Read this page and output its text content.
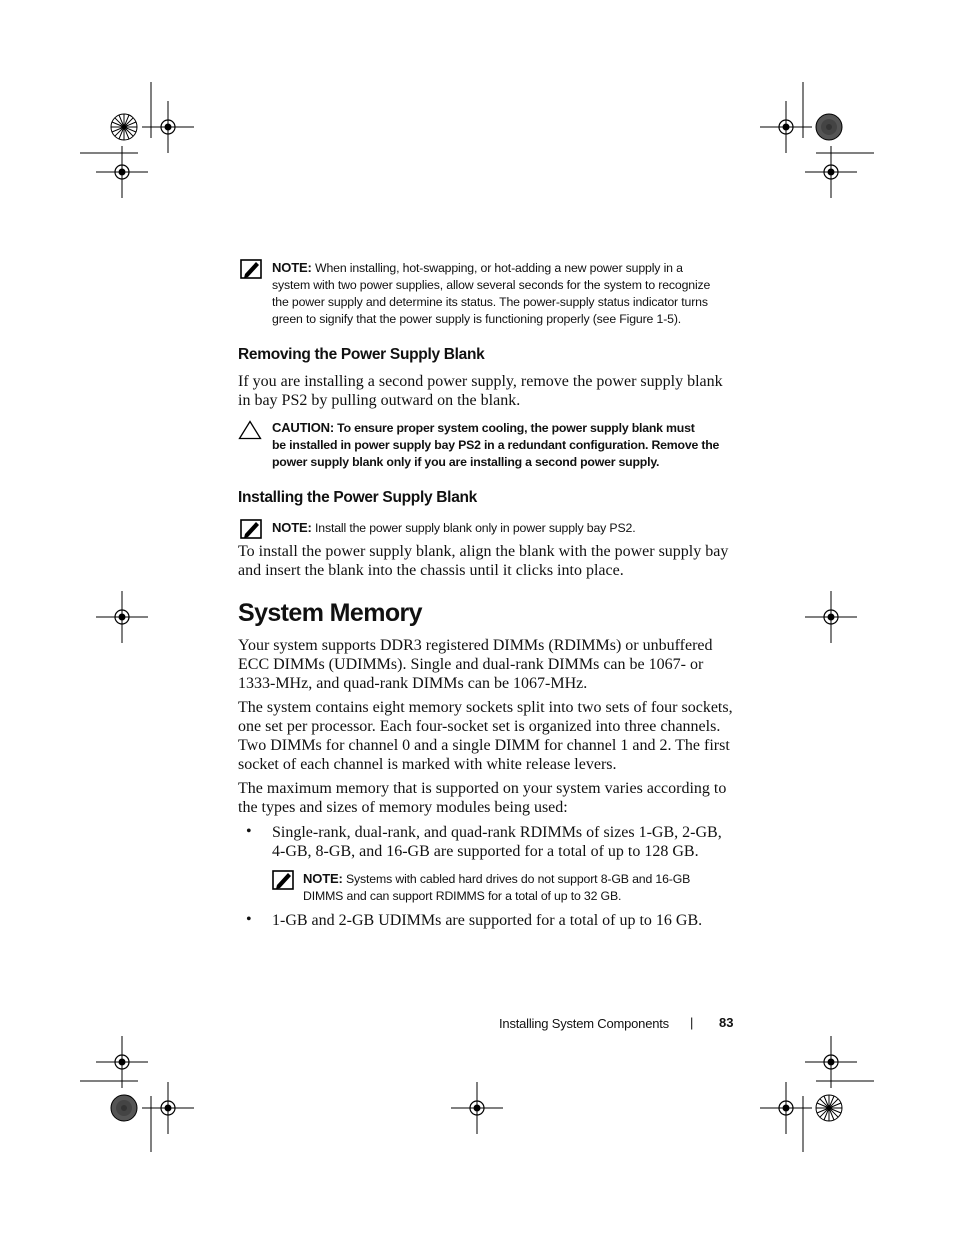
NOTE: When installing, hot-swapping, or hot-adding a new power supply in a
system with two power supplies, allow several seconds for the system to recognize
the power supply and determine its status. The power-supply status indicator turns
green to signify that the power supply is functioning properly (see Figure 1-5).
Removing the Power Supply Blank
If you are installing a second power supply, remove the power supply blank
in bay PS2 by pulling outward on the blank.
CAUTION: To ensure proper system cooling, the power supply blank must
be installed in power supply bay PS2 in a redundant configuration. Remove the
power supply blank only if you are installing a second power supply.
Installing the Power Supply Blank
NOTE: Install the power supply blank only in power supply bay PS2.
To install the power supply blank, align the blank with the power supply bay
and insert the blank into the chassis until it clicks into place.
System Memory
Your system supports DDR3 registered DIMMs (RDIMMs) or unbuffered
ECC DIMMs (UDIMMs). Single and dual-rank DIMMs can be 1067- or
1333-MHz, and quad-rank DIMMs can be 1067-MHz.
The system contains eight memory sockets split into two sets of four sockets,
one set per processor. Each four-socket set is organized into three channels.
Two DIMMs for channel 0 and a single DIMM for channel 1 and 2. The first
socket of each channel is marked with white release levers.
The maximum memory that is supported on your system varies according to
the types and sizes of memory modules being used:
• Single-rank, dual-rank, and quad-rank RDIMMs of sizes 1-GB, 2-GB,
4-GB, 8-GB, and 16-GB are supported for a total of up to 128 GB.
NOTE: Systems with cabled hard drives do not support 8-GB and 16-GB
DIMMS and can support RDIMMS for a total of up to 32 GB.
• 1-GB and 2-GB UDIMMs are supported for a total of up to 16 GB.
Installing System Components | 83
